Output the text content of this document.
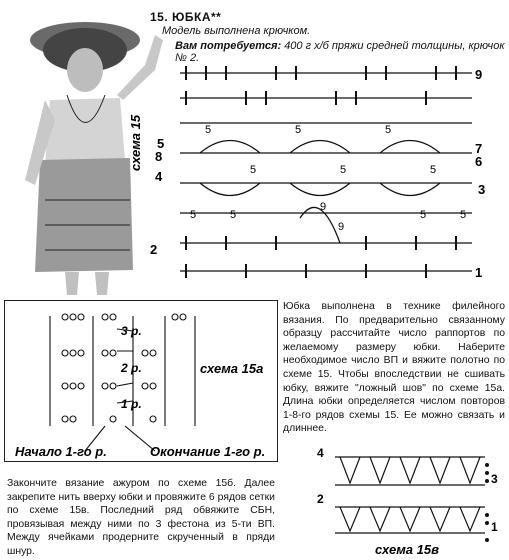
15. ЮБКА**
Модель выполнена крючком.
Вам потребуется: 400 г х/б пряжи средней толщины, крючок № 2.
схема 15
9
8
7
6
5
4
3
2
1
5	5	5
5	5
9
9
5
5	5	5
5
схема 15а
3 р.
2 р.
1 р.
Начало 1-го р.	Окончание 1-го р.
Юбка выполнена в технике филейного вязания. По предварительно связанному образцу рассчитайте число раппортов по желаемому размеру юбки. Наберите необходимое число ВП и вяжите полотно по схеме 15. Чтобы впоследствии не сшивать юбку, вяжите "ложный шов" по схеме 15а. Длина юбки определяется числом повторов 1-8-го рядов схемы 15. Ее можно связать и длиннее.
Закончите вязание ажуром по схеме 15б. Далее закрепите нить вверху юбки и провяжите 6 рядов сетки по схеме 15в. Последний ряд обвяжите СБН, провязывая между ними по 3 фестона из 5-ти ВП. Между ячейками продерните скрученный в пряди шнур.
4
3
2
1
схема 15в
